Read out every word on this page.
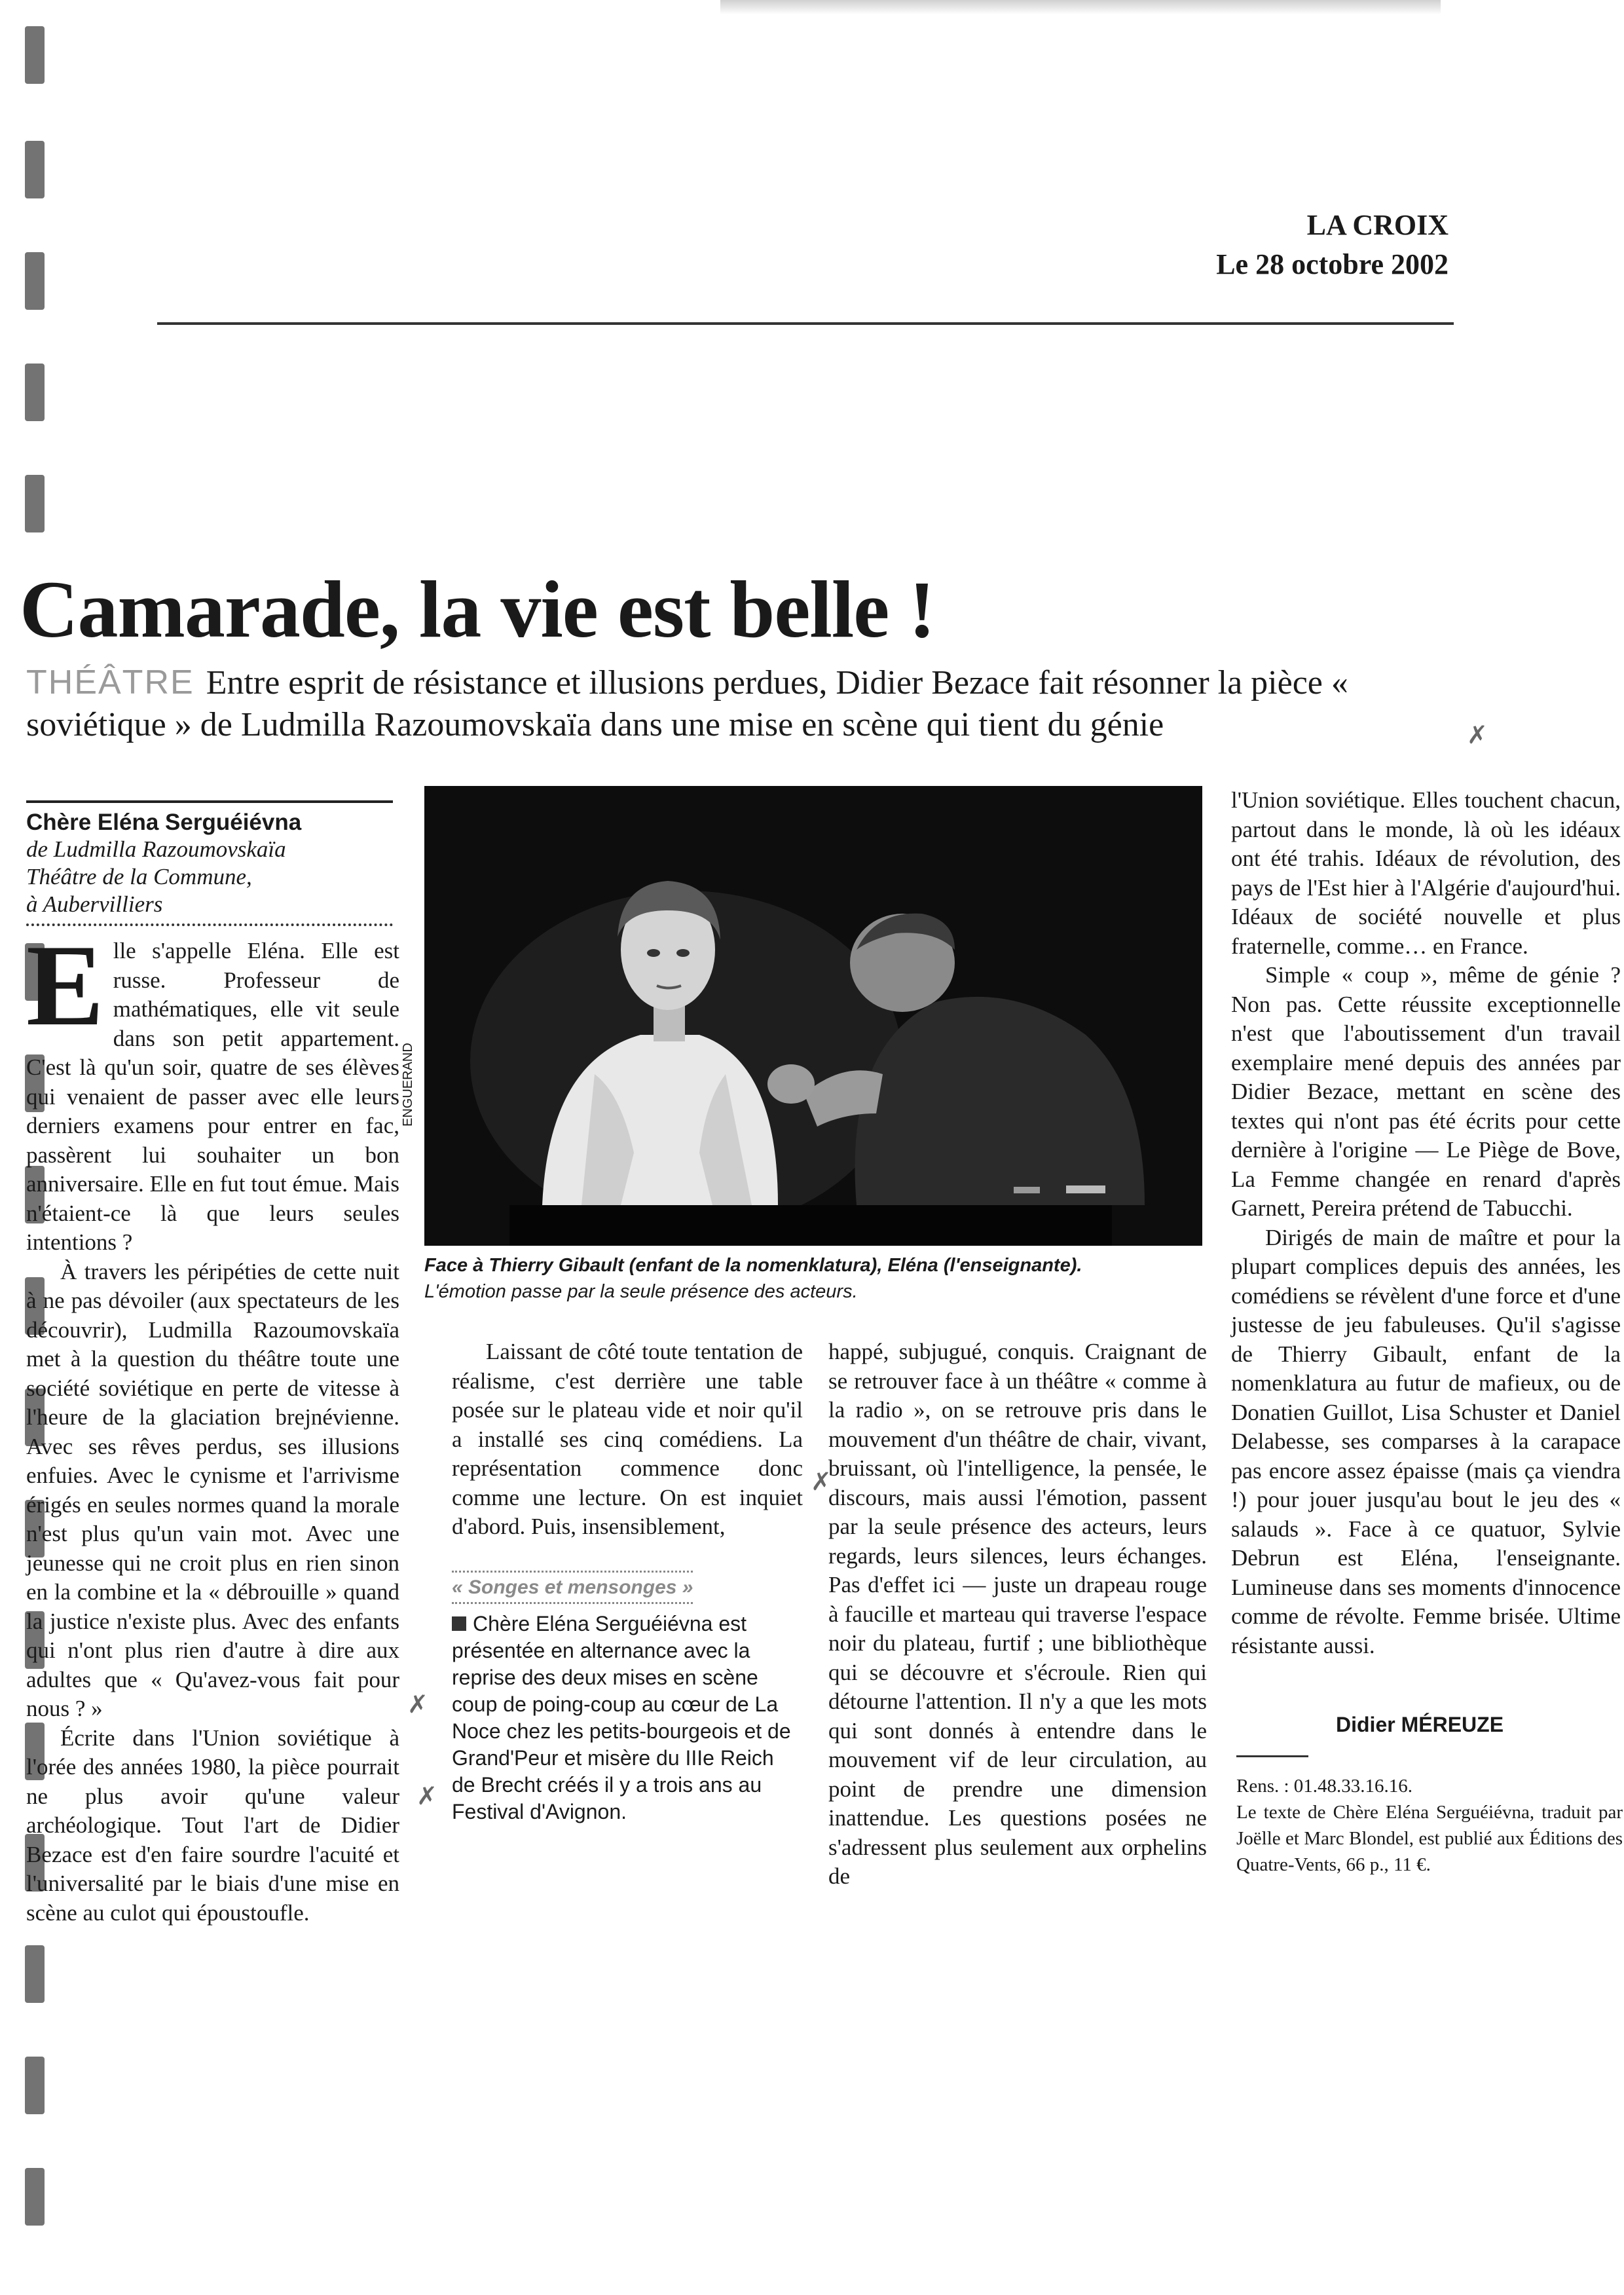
LA CROIX
Le 28 octobre 2002
Camarade, la vie est belle !
THÉÂTRE Entre esprit de résistance et illusions perdues, Didier Bezace fait résonner la pièce « soviétique » de Ludmilla Razoumovskaïa dans une mise en scène qui tient du génie
Chère Eléna Serguéiévna
de Ludmilla Razoumovskaïa
Théâtre de la Commune,
à Aubervilliers

Elle s'appelle Eléna. Elle est russe. Professeur de mathématiques, elle vit seule dans son petit appartement. C'est là qu'un soir, quatre de ses élèves qui venaient de passer avec elle leurs derniers examens pour entrer en fac, passèrent lui souhaiter un bon anniversaire. Elle en fut tout émue. Mais n'étaient-ce là que leurs seules intentions ?

À travers les péripéties de cette nuit à ne pas dévoiler (aux spectateurs de les découvrir), Ludmilla Razoumovskaïa met à la question du théâtre toute une société soviétique en perte de vitesse à l'heure de la glaciation brejnévienne. Avec ses rêves perdus, ses illusions enfuies. Avec le cynisme et l'arrivisme érigés en seules normes quand la morale n'est plus qu'un vain mot. Avec une jeunesse qui ne croit plus en rien sinon en la combine et la « débrouille » quand la justice n'existe plus. Avec des enfants qui n'ont plus rien d'autre à dire aux adultes que « Qu'avez-vous fait pour nous ? »

Écrite dans l'Union soviétique à l'orée des années 1980, la pièce pourrait ne plus avoir qu'une valeur archéologique. Tout l'art de Didier Bezace est d'en faire sourdre l'acuité et l'universalité par le biais d'une mise en scène au culot qui époustoufle.

ENGUERAND
Face à Thierry Gibault (enfant de la nomenklatura), Eléna (l'enseignante).
L'émotion passe par la seule présence des acteurs.

Laissant de côté toute tentation de réalisme, c'est derrière une table posée sur le plateau vide et noir qu'il a installé ses cinq comédiens. La représentation commence donc comme une lecture. On est inquiet d'abord. Puis, insensiblement,

« Songes et mensonges »
Chère Eléna Serguéiévna est présentée en alternance avec la reprise des deux mises en scène coup de poing-coup au cœur de La Noce chez les petits-bourgeois et de Grand'Peur et misère du IIIe Reich de Brecht créés il y a trois ans au Festival d'Avignon.

happé, subjugué, conquis. Craignant de se retrouver face à un théâtre « comme à la radio », on se retrouve pris dans le mouvement d'un théâtre de chair, vivant, bruissant, où l'intelligence, la pensée, le discours, mais aussi l'émotion, passent par la seule présence des acteurs, leurs regards, leurs silences, leurs échanges. Pas d'effet ici — juste un drapeau rouge à faucille et marteau qui traverse l'espace noir du plateau, furtif ; une bibliothèque qui se découvre et s'écroule. Rien qui détourne l'attention. Il n'y a que les mots qui sont donnés à entendre dans le mouvement vif de leur circulation, au point de prendre une dimension inattendue. Les questions posées ne s'adressent plus seulement aux orphelins de

l'Union soviétique. Elles touchent chacun, partout dans le monde, là où les idéaux ont été trahis. Idéaux de révolution, des pays de l'Est hier à l'Algérie d'aujourd'hui. Idéaux de société nouvelle et plus fraternelle, comme… en France.

Simple « coup », même de génie ? Non pas. Cette réussite exceptionnelle n'est que l'aboutissement d'un travail exemplaire mené depuis des années par Didier Bezace, mettant en scène des textes qui n'ont pas été écrits pour cette dernière à l'origine — Le Piège de Bove, La Femme changée en renard d'après Garnett, Pereira prétend de Tabucchi.

Dirigés de main de maître et pour la plupart complices depuis des années, les comédiens se révèlent d'une force et d'une justesse de jeu fabuleuses. Qu'il s'agisse de Thierry Gibault, enfant de la nomenklatura au futur de mafieux, ou de Donatien Guillot, Lisa Schuster et Daniel Delabesse, ses comparses à la carapace pas encore assez épaisse (mais ça viendra !) pour jouer jusqu'au bout le jeu des « salauds ». Face à ce quatuor, Sylvie Debrun est Eléna, l'enseignante. Lumineuse dans ses moments d'innocence comme de révolte. Femme brisée. Ultime résistante aussi.

Didier MÉREUZE
Rens. : 01.48.33.16.16.
Le texte de Chère Eléna Serguéiévna, traduit par Joëlle et Marc Blondel, est publié aux Éditions des Quatre-Vents, 66 p., 11 €.
✗
✗
✗
✗
